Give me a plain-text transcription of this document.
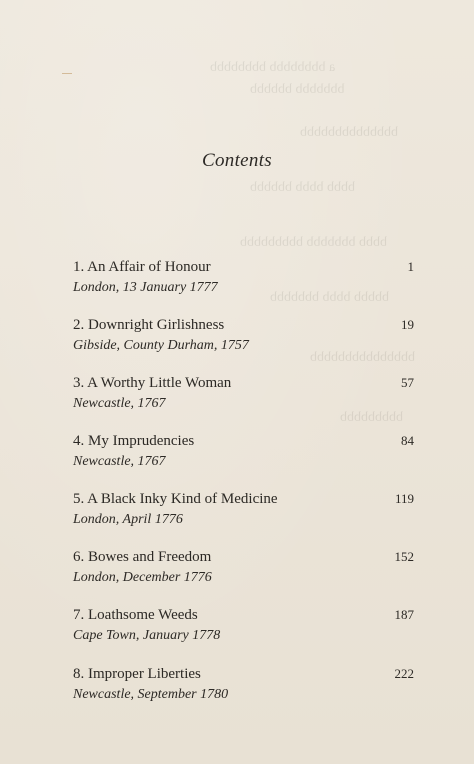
a bbbbbbbb bbbbbbbb
bbbbbbb bbbbbb
bbbbbbbbbbbbbb
bbbb bbbb bbbbbb
bbbb bbbbbbb bbbbbbbbb
bbbbb bbbb bbbbbbb
bbbbbbbbbbbbbbb
bbbbbbbbb
Contents
1. An Affair of Honour	1
London, 13 January 1777
2. Downright Girlishness	19
Gibside, County Durham, 1757
3. A Worthy Little Woman	57
Newcastle, 1767
4. My Imprudencies	84
Newcastle, 1767
5. A Black Inky Kind of Medicine	119
London, April 1776
6. Bowes and Freedom	152
London, December 1776
7. Loathsome Weeds	187
Cape Town, January 1778
8. Improper Liberties	222
Newcastle, September 1780
